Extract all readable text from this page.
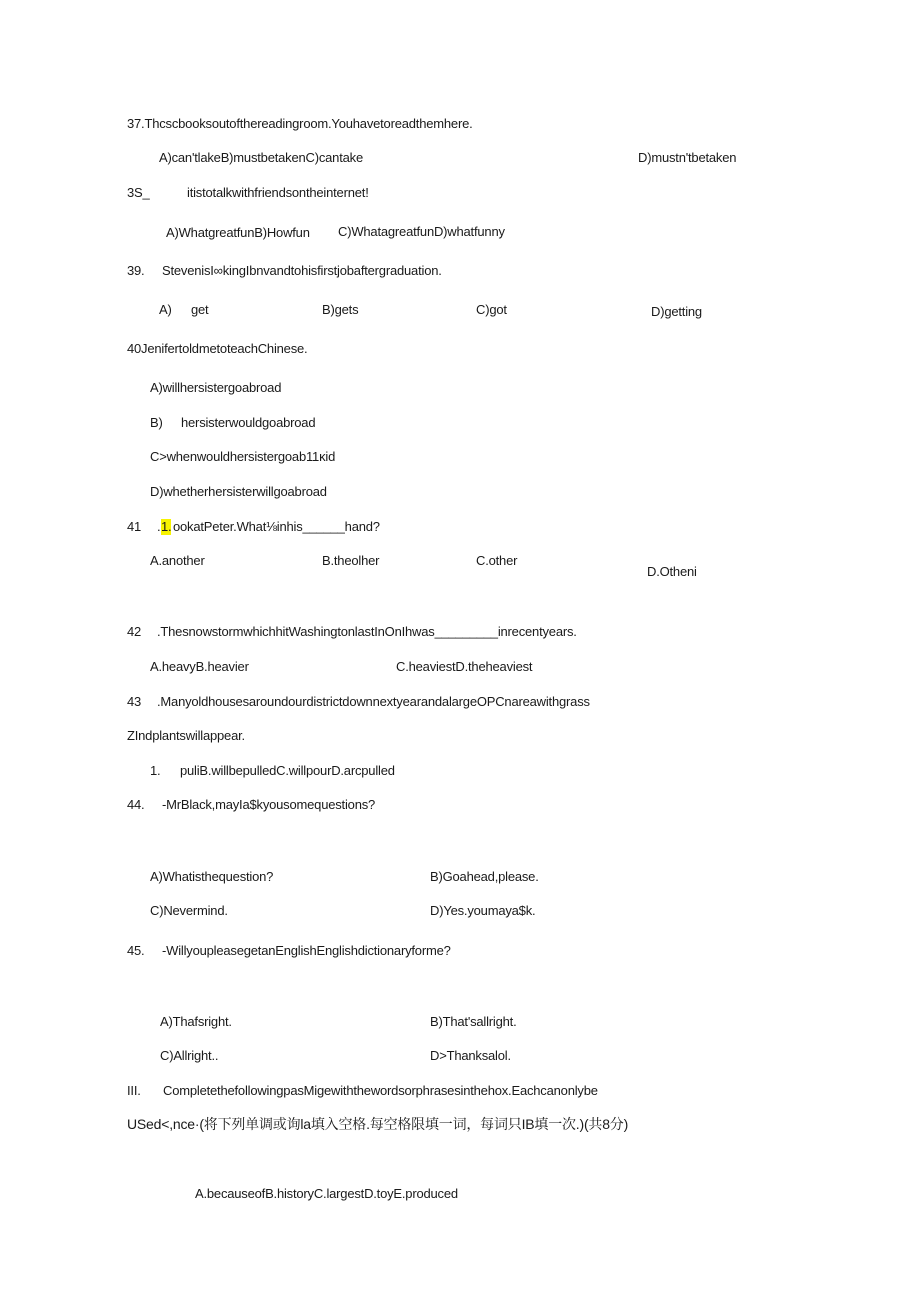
37.Thcscbooksoutofthereadingroom.Youhavetoreadthemhere.
A)can'tlakeB)mustbetakenC)cantake	D)mustn'tbetaken
3S_	itistotalkwithfriendsontheinternet!
A)WhatgreatfunB)Howfun C)WhatagreatfunD)whatfunny
39. StevenisI∞kingIbnvandtohisfirstjobaftergraduation.
A) get	B)gets	C)got	D)getting
40JenifertoldmetoteachChinese.
A)willhersistergoabroad
B) hersisterwouldgoabroad
C>whenwouldhersistergoab11κid
D)whetherhersisterwillgoabroad
41 . 1. ookatPeter.What⅛inhis______hand?
A.another	B.theolher	C.other
D.Otheni
42 .ThesnowstormwhichhitWashingtonlastInOnIhwas_________inrecentyears.
A.heavyB.heavier	C.heaviestD.theheaviest
43 .ManyoldhousesaroundourdistrictdownnextyearandalargeOPCnareawithgrass
ZIndplantswillappear.
1. puliB.willbepulledC.willpourD.arcpulled
44. -MrBlack,mayIa$kyousomequestions?
A)Whatisthequestion?	B)Goahead,please.
C)Nevermind.	D)Yes.youmaya$k.
45. -WillyoupleasegetanEnglishEnglishdictionaryforme?
A)Thafsright.	B)That'sallright.
C)Allright..	D>Thanksalol.
III. CompletethefollowingpasMigewiththewordsorphrasesinthehox.Eachcanonlybe
USed<,nce·(将下列单调或询la填入空格.每空格限填一词，每词只IB填一次.)(共8分)
A.becauseofB.historyC.largestD.toyE.produced
